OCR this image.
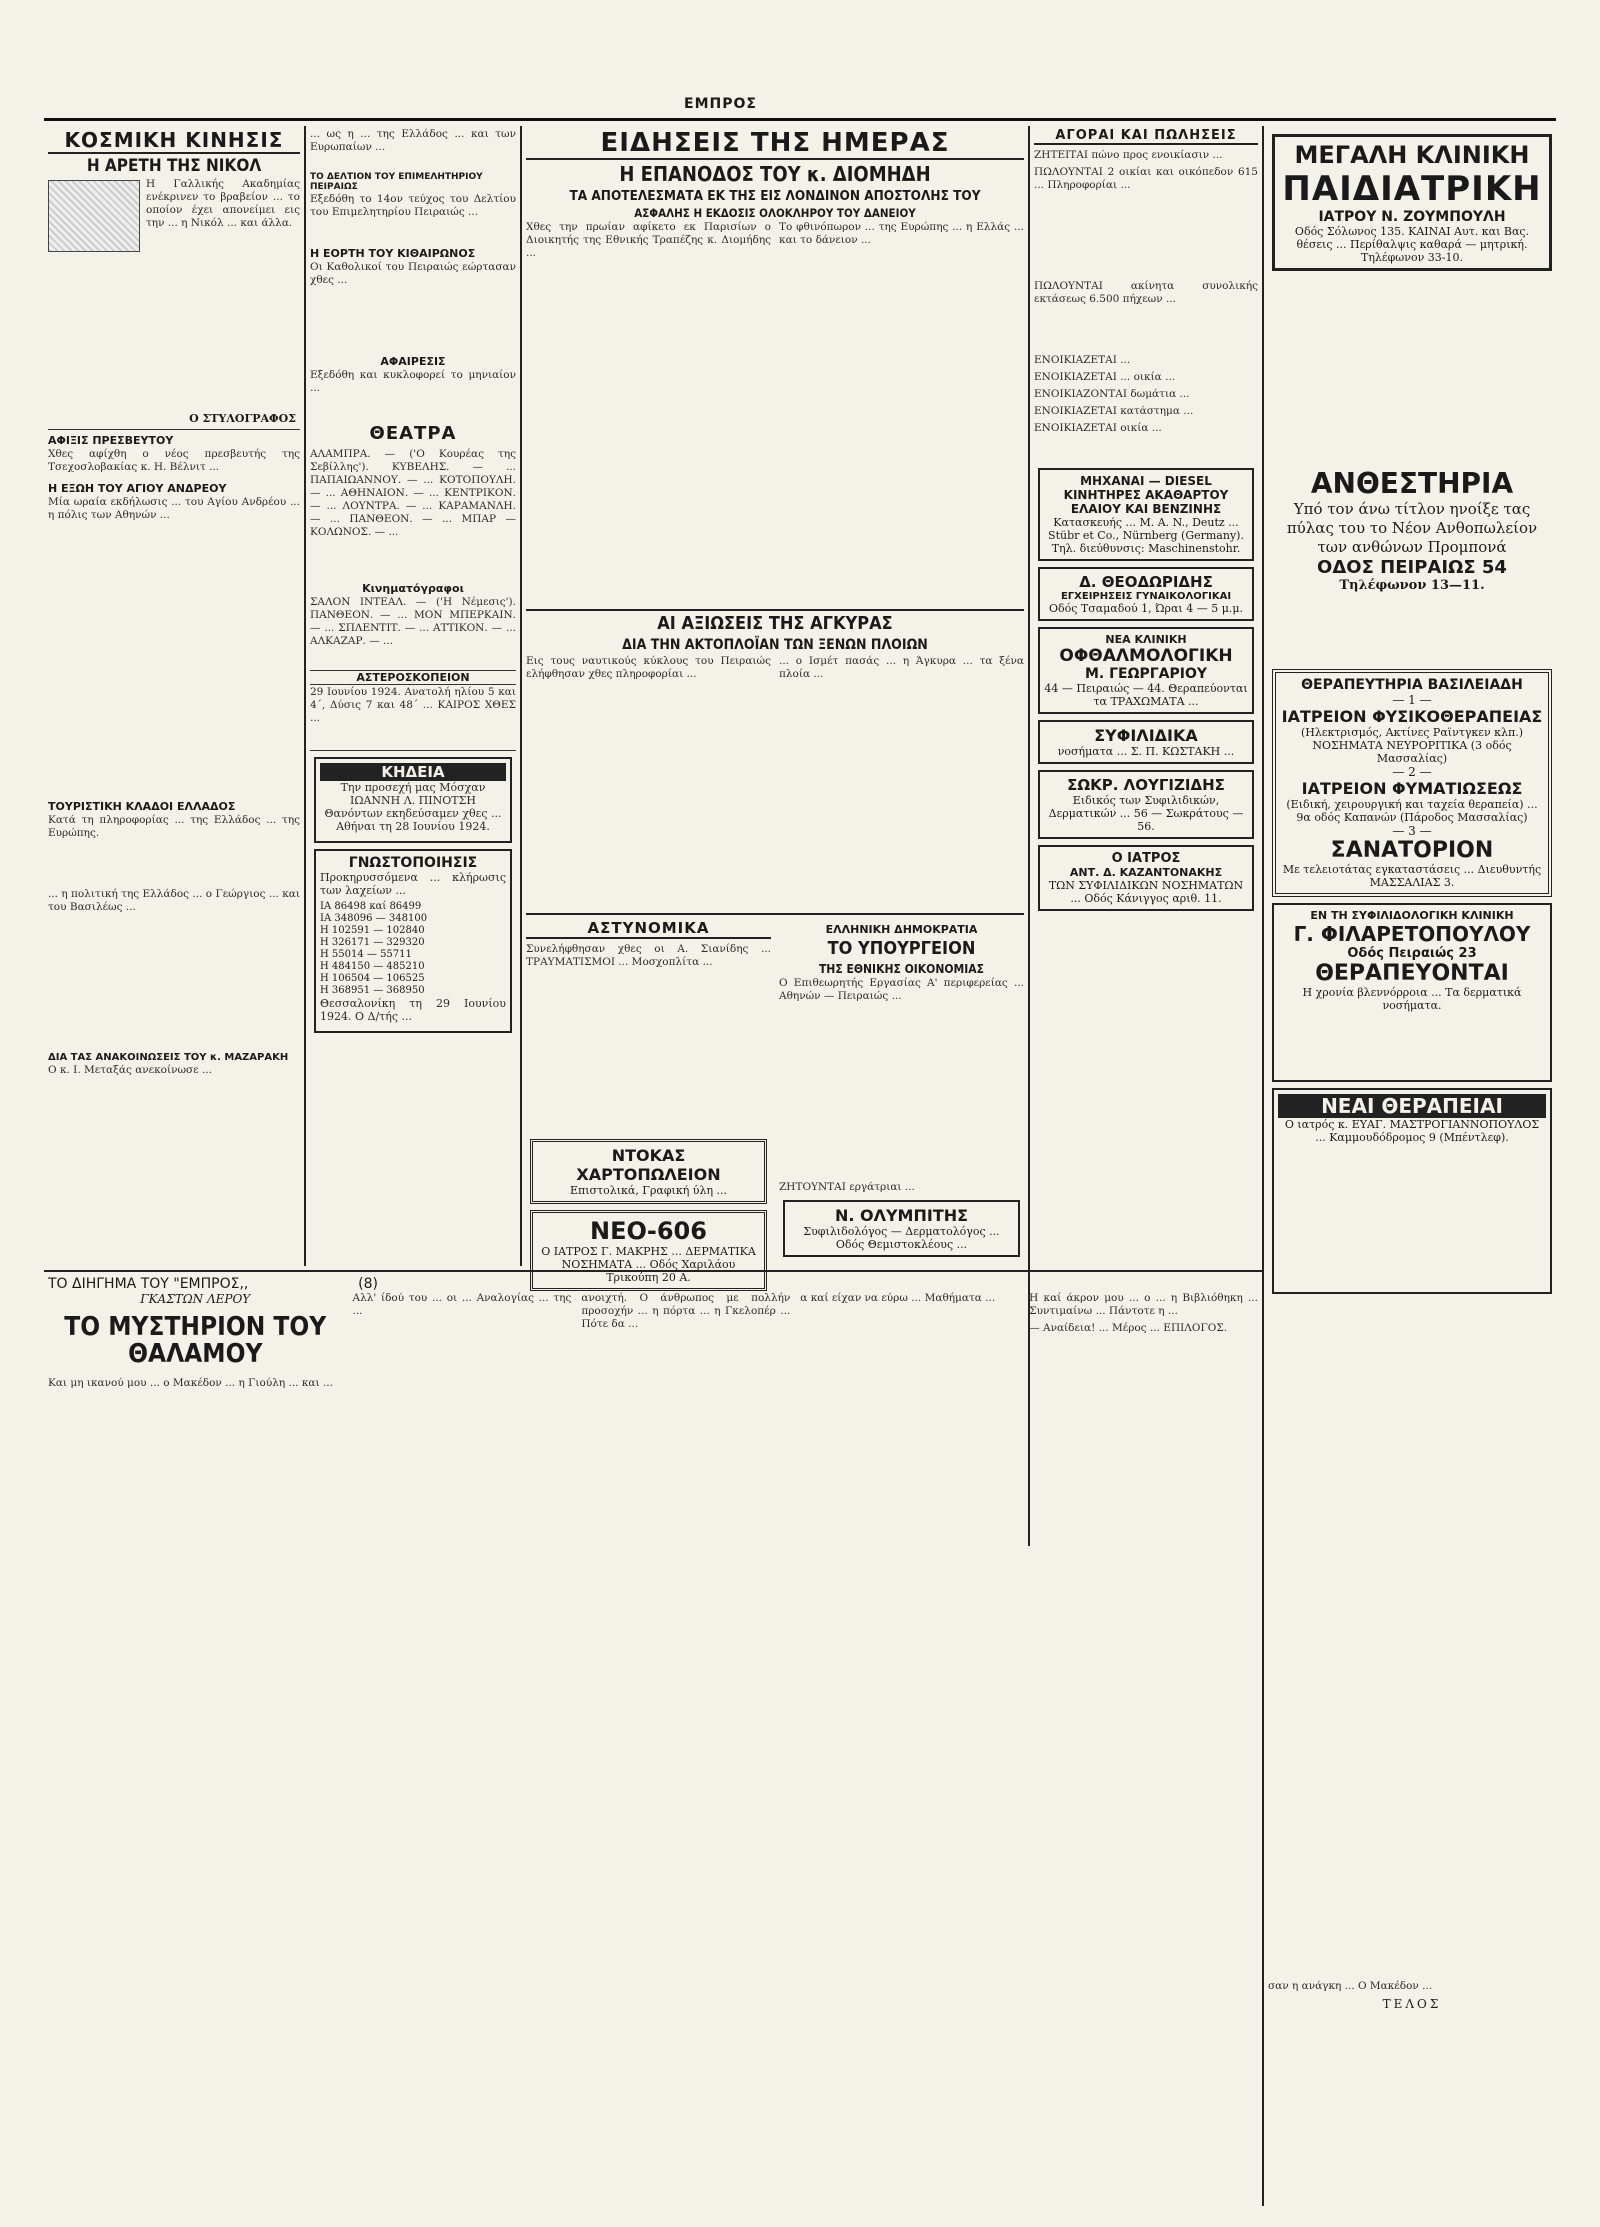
ΕΜΠΡΟΣ
ΚΟΣΜΙΚΗ ΚΙΝΗΣΙΣ
Η ΑΡΕΤΗ ΤΗΣ ΝΙΚΟΛ

Η Γαλλικής Ακαδημίας ενέκρινεν το βραβείον ... το οποίον έχει απονείμει εις την ... η Νικόλ ... και άλλα.

Ο ΣΤΥΛΟΓΡΑΦΟΣ
ΑΦΙΞΙΣ ΠΡΕΣΒΕΥΤΟΥ

Χθες αφίχθη ο νέος πρεσβευτής της Τσεχοσλοβακίας κ. Η. Βέλνιτ ...

Η ΕΞΩΗ ΤΟΥ ΑΓΙΟΥ ΑΝΔΡΕΟΥ

Μία ωραία εκδήλωσις ... του Αγίου Ανδρέου ... η πόλις των Αθηνών ...

ΤΟΥΡΙΣΤΙΚΗ ΚΛΑΔΟΙ ΕΛΛΑΔΟΣ

Κατά τη πληροφορίας ... της Ελλάδος ... της Ευρώπης.

... η πολιτική της Ελλάδος ... ο Γεώργιος ... και του Βασιλέως ...

ΔΙΑ ΤΑΣ ΑΝΑΚΟΙΝΩΣΕΙΣ ΤΟΥ κ. ΜΑΖΑΡΑΚΗ

Ο κ. Ι. Μεταξάς ανεκοίνωσε ...

... ως η ... της Ελλάδος ... και των Ευρωπαίων ...

ΤΟ ΔΕΛΤΙΟΝ ΤΟΥ ΕΠΙΜΕΛΗΤΗΡΙΟΥ ΠΕΙΡΑΙΩΣ

Εξεδόθη το 14ον τεύχος του Δελτίου του Επιμελητηρίου Πειραιώς ...

Η ΕΟΡΤΗ ΤΟΥ ΚΙΘΑΙΡΩΝΟΣ

Οι Καθολικοί του Πειραιώς εώρτασαν χθες ...

ΑΦΑΙΡΕΣΙΣ

Εξεδόθη και κυκλοφορεί το μηνιαίον ...

ΘΕΑΤΡΑ

ΑΛΑΜΠΡΑ. — ('Ο Κουρέας της Σεβίλλης'). ΚΥΒΕΛΗΣ. — ... ΠΑΠΑΙΩΑΝΝΟΥ. — ... ΚΟΤΟΠΟΥΛΗ. — ... ΑΘΗΝΑΙΟΝ. — ... ΚΕΝΤΡΙΚΟΝ. — ... ΛΟΥΝΤΡΑ. — ... ΚΑΡΑΜΑΝΛΗ. — ... ΠΑΝΘΕΟΝ. — ... ΜΠΑΡ — ΚΟΛΩΝΟΣ. — ...

Κινηματόγραφοι

ΣΑΛΟΝ ΙΝΤΕΑΛ. — ('Η Νέμεσις'). ΠΑΝΘΕΟΝ. — ... ΜΟΝ ΜΠΕΡΚΑΙΝ. — ... ΣΠΛΕΝΤΙΤ. — ... ΑΤΤΙΚΟΝ. — ... ΑΛΚΑΖΑΡ. — ...

ΑΣΤΕΡΟΣΚΟΠΕΙΟΝ

29 Ιουνίου 1924. Ανατολή ηλίου 5 και 4΄, Δύσις 7 και 48΄ ... ΚΑΙΡΟΣ ΧΘΕΣ ...

ΚΗΔΕΙΑ

Την προσεχή μας Μόσχαν ΙΩΑΝΝΗ Λ. ΠΙΝΟΤΣΗ Θανόντων εκηδεύσαμεν χθες ... Αθήναι τη 28 Ιουνίου 1924.

ΓΝΩΣΤΟΠΟΙΗΣΙΣ

Προκηρυσσόμενα ... κλήρωσις των λαχείων ...

ΙΑ 86498 καί 86499
ΙΑ 348096 — 348100
Η 102591 — 102840
Η 326171 — 329320
Η 55014 — 55711
Η 484150 — 485210
Η 106504 — 106525
Η 368951 — 368950

Θεσσαλονίκη τη 29 Ιουνίου 1924. Ο Δ/τής ...

ΕΙΔΗΣΕΙΣ ΤΗΣ ΗΜΕΡΑΣ
Η ΕΠΑΝΟΔΟΣ ΤΟΥ κ. ΔΙΟΜΗΔΗ
ΤΑ ΑΠΟΤΕΛΕΣΜΑΤΑ ΕΚ ΤΗΣ ΕΙΣ ΛΟΝΔΙΝΟΝ ΑΠΟΣΤΟΛΗΣ ΤΟΥ
ΑΣΦΑΛΗΣ Η ΕΚΔΟΣΙΣ ΟΛΟΚΛΗΡΟΥ ΤΟΥ ΔΑΝΕΙΟΥ

Χθες την πρωίαν αφίκετο εκ Παρισίων ο Διοικητής της Εθνικής Τραπέζης κ. Διομήδης ...

Το φθινόπωρον ... της Ευρώπης ... η Ελλάς ... και το δάνειον ...

ΑΙ ΑΞΙΩΣΕΙΣ ΤΗΣ ΑΓΚΥΡΑΣ
ΔΙΑ ΤΗΝ ΑΚΤΟΠΛΟΪΑΝ ΤΩΝ ΞΕΝΩΝ ΠΛΟΙΩΝ

Εις τους ναυτικούς κύκλους του Πειραιώς ελήφθησαν χθες πληροφορίαι ...

... ο Ισμέτ πασάς ... η Άγκυρα ... τα ξένα πλοία ...

ΑΣΤΥΝΟΜΙΚΑ

Συνελήφθησαν χθες οι Α. Σιανίδης ... ΤΡΑΥΜΑΤΙΣΜΟΙ ... Μοσχοπλίτα ...

ΝΤΟΚΑΣ ΧΑΡΤΟΠΩΛΕΙΟΝ
Επιστολικά, Γραφική ύλη ...
ΝΕΟ-606
Ο ΙΑΤΡΟΣ Γ. ΜΑΚΡΗΣ ... ΔΕΡΜΑΤΙΚΑ ΝΟΣΗΜΑΤΑ ... Οδός Χαριλάου Τρικούπη 20 Α.
ΕΛΛΗΝΙΚΗ ΔΗΜΟΚΡΑΤΙΑ
ΤΟ ΥΠΟΥΡΓΕΙΟΝ
ΤΗΣ ΕΘΝΙΚΗΣ ΟΙΚΟΝΟΜΙΑΣ

Ο Επιθεωρητής Εργασίας Α' περιφερείας ... Αθηνών — Πειραιώς ...

ΖΗΤΟΥΝΤΑΙ εργάτριαι ...

Ν. ΟΛΥΜΠΙΤΗΣ
Συφιλιδολόγος — Δερματολόγος ... Οδός Θεμιστοκλέους ...
ΑΓΟΡΑΙ ΚΑΙ ΠΩΛΗΣΕΙΣ

ΖΗΤΕΙΤΑΙ πώνο προς ενοικίασιν ...

ΠΩΛΟΥΝΤΑΙ 2 οικίαι και οικόπεδον 615 ... Πληροφορίαι ...

ΠΩΛΟΥΝΤΑΙ ακίνητα συνολικής εκτάσεως 6.500 πήχεων ...

ΕΝΟΙΚΙΑΖΕΤΑΙ ...

ΕΝΟΙΚΙΑΖΕΤΑΙ ... οικία ...

ΕΝΟΙΚΙΑΖΟΝΤΑΙ δωμάτια ...

ΕΝΟΙΚΙΑΖΕΤΑΙ κατάστημα ...

ΕΝΟΙΚΙΑΖΕΤΑΙ οικία ...

ΜΗΧΑΝΑΙ — DIESEL ΚΙΝΗΤΗΡΕΣ ΑΚΑΘΑΡΤΟΥ ΕΛΑΙΟΥ ΚΑΙ ΒΕΝΖΙΝΗΣ
Κατασκευής ... M. A. N., Deutz ... Stübr et Co., Nürnberg (Germany). Τηλ. διεύθυνσις: Maschinenstohr.
Δ. ΘΕΟΔΩΡΙΔΗΣ
ΕΓΧΕΙΡΗΣΕΙΣ ΓΥΝΑΙΚΟΛΟΓΙΚΑΙ
Οδός Τσαμαδού 1, Ώραι 4 — 5 μ.μ.
ΝΕΑ ΚΛΙΝΙΚΗ
ΟΦΘΑΛΜΟΛΟΓΙΚΗ
Μ. ΓΕΩΡΓΑΡΙΟΥ
44 — Πειραιώς — 44. Θεραπεύονται τα ΤΡΑΧΩΜΑΤΑ ...
ΣΥΦΙΛΙΔΙΚΑ
νοσήματα ... Σ. Π. ΚΩΣΤΑΚΗ ...
ΣΩΚΡ. ΛΟΥΓΙΖΙΔΗΣ
Ειδικός των Συφιλιδικών, Δερματικών ... 56 — Σωκράτους — 56.
Ο ΙΑΤΡΟΣ
ΑΝΤ. Δ. ΚΑΖΑΝΤΟΝΑΚΗΣ
ΤΩΝ ΣΥΦΙΛΙΔΙΚΩΝ ΝΟΣΗΜΑΤΩΝ ... Οδός Κάνιγγος αριθ. 11.
ΜΕΓΑΛΗ ΚΛΙΝΙΚΗ
ΠΑΙΔΙΑΤΡΙΚΗ
ΙΑΤΡΟΥ Ν. ΖΟΥΜΠΟΥΛΗ
Οδός Σόλωνος 135. ΚΑΙΝΑΙ Αυτ. και Βας. θέσεις ... Περίθαλψις καθαρά — μητρική. Τηλέφωνον 33-10.
ΑΝΘΕΣΤΗΡΙΑ
Υπό τον άνω τίτλον ηνοίξε τας πύλας του το Νέον Ανθοπωλείον των ανθώνων Προμπονά
ΟΔΟΣ ΠΕΙΡΑΙΩΣ 54
Τηλέφωνον 13—11.
ΘΕΡΑΠΕΥΤΗΡΙΑ ΒΑΣΙΛΕΙΑΔΗ
— 1 —
ΙΑΤΡΕΙΟΝ ΦΥΣΙΚΟΘΕΡΑΠΕΙΑΣ
(Ηλεκτρισμός, Ακτίνες Ραϊντγκεν κλπ.) ΝΟΣΗΜΑΤΑ ΝΕΥΡΟΡΙΤΙΚΑ (3 οδός Μασσαλίας)
— 2 —
ΙΑΤΡΕΙΟΝ ΦΥΜΑΤΙΩΣΕΩΣ
(Ειδική, χειρουργική και ταχεία θεραπεία) ... 9α οδός Καπανών (Πάροδος Μασσαλίας)
— 3 —
ΣΑΝΑΤΟΡΙΟΝ
Με τελειοτάτας εγκαταστάσεις ... Διευθυντής ΜΑΣΣΑΛΙΑΣ 3.
ΕΝ ΤΗ ΣΥΦΙΛΙΔΟΛΟΓΙΚΗ ΚΛΙΝΙΚΗ
Γ. ΦΙΛΑΡΕΤΟΠΟΥΛΟΥ
Οδός Πειραιώς 23
ΘΕΡΑΠΕΥΟΝΤΑΙ
Η χρονία βλεννόρροια ... Τα δερματικά νοσήματα.
ΝΕΑΙ ΘΕΡΑΠΕΙΑΙ
Ο ιατρός κ. ΕΥΑΓ. ΜΑΣΤΡΟΓΙΑΝΝΟΠΟΥΛΟΣ ... Καμμουδόδρομος 9 (Μπέντλεφ).
ΤΟ ΔΙΗΓΗΜΑ ΤΟΥ "ΕΜΠΡΟΣ,,	(8)
ΓΚΑΣΤΩΝ ΛΕΡΟΥ
ΤΟ ΜΥΣΤΗΡΙΟΝ ΤΟΥ ΘΑΛΑΜΟΥ

Και μη ικανού μου ... ο Μακέδον ... η Γιούλη ... και ...

Αλλ' ίδού του ... οι ... Αναλογίας ... της ...

ανοιχτή. Ο άνθρωπος με πολλήν προσοχήν ... η πόρτα ... η Γκελοπέρ ... Πότε δα ...

α καί είχαν να εύρω ... Μαθήματα ...	Η καί άκρον μου ... ο ... η Βιβλιόθηκη ... Συντιμαίνω ... Πάντοτε η ...

— Αναίδεια! ... Μέρος ... ΕΠΙΛΟΓΟΣ.

σαν η ανάγκη ... Ο Μακέδον ...

ΤΕΛΟΣ
